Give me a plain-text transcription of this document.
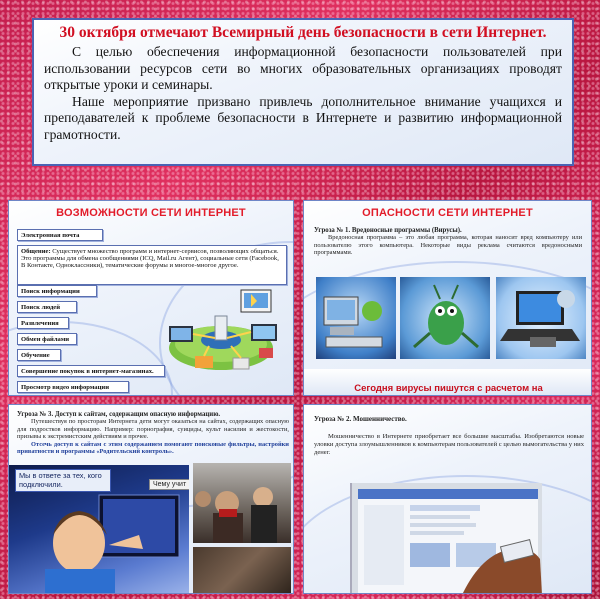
30 октября отмечают Всемирный день безопасности в сети Интернет.

С целью обеспечения информационной безопасности пользователей при использовании ресурсов сети во многих образовательных организациях проводят открытые уроки и семинары.

Наше мероприятие призвано привлечь дополнительное внимание учащихся и преподавателей к проблеме безопасности в Интернете и развитию информационной грамотности.

ВОЗМОЖНОСТИ СЕТИ ИНТЕРНЕТ
Электронная почта
Общение: Существует множество программ и интернет-сервисов, позволяющих общаться. Это программы для обмена сообщениями (ICQ, Mail.ru Агент), социальные сети (Facebook, В Контакте, Одноклассники), тематические форумы и многое-многое другое.
Поиск информации
Поиск людей
Развлечения
Обмен файлами
Обучение
Совершение покупок в интернет-магазинах.
Просмотр видео информации
ОПАСНОСТИ СЕТИ ИНТЕРНЕТ
Угроза № 1. Вредоносные программы (Вирусы).
Вредоносная программа – это любая программа, которая наносит вред компьютеру или пользователю этого компьютера. Некоторые виды реклама считаются вредоносными программами.
Сегодня вирусы пишутся с расчетом на
Угроза № 3. Доступ к сайтам, содержащим опасную информацию.
Путешествуя по просторам Интернета дети могут оказаться на сайтах, содержащих опасную для подростков информацию. Например: порнография, суициды, культ насилия и жестокости, призывы к экстремистским действиям и прочее.
Отсечь доступ к сайтам с этим содержанием помогают поисковые фильтры, настройки приватности и программы «Родительский контроль».
Мы в ответе за тех, кого подключили.	Чему учит
Угроза № 2. Мошенничество.
Мошенничество в Интернете приобретает все большие масштабы. Изобретаются новые уловки доступа злоумышленников к компьютерам пользователей с целью вымогательства у них денег.
